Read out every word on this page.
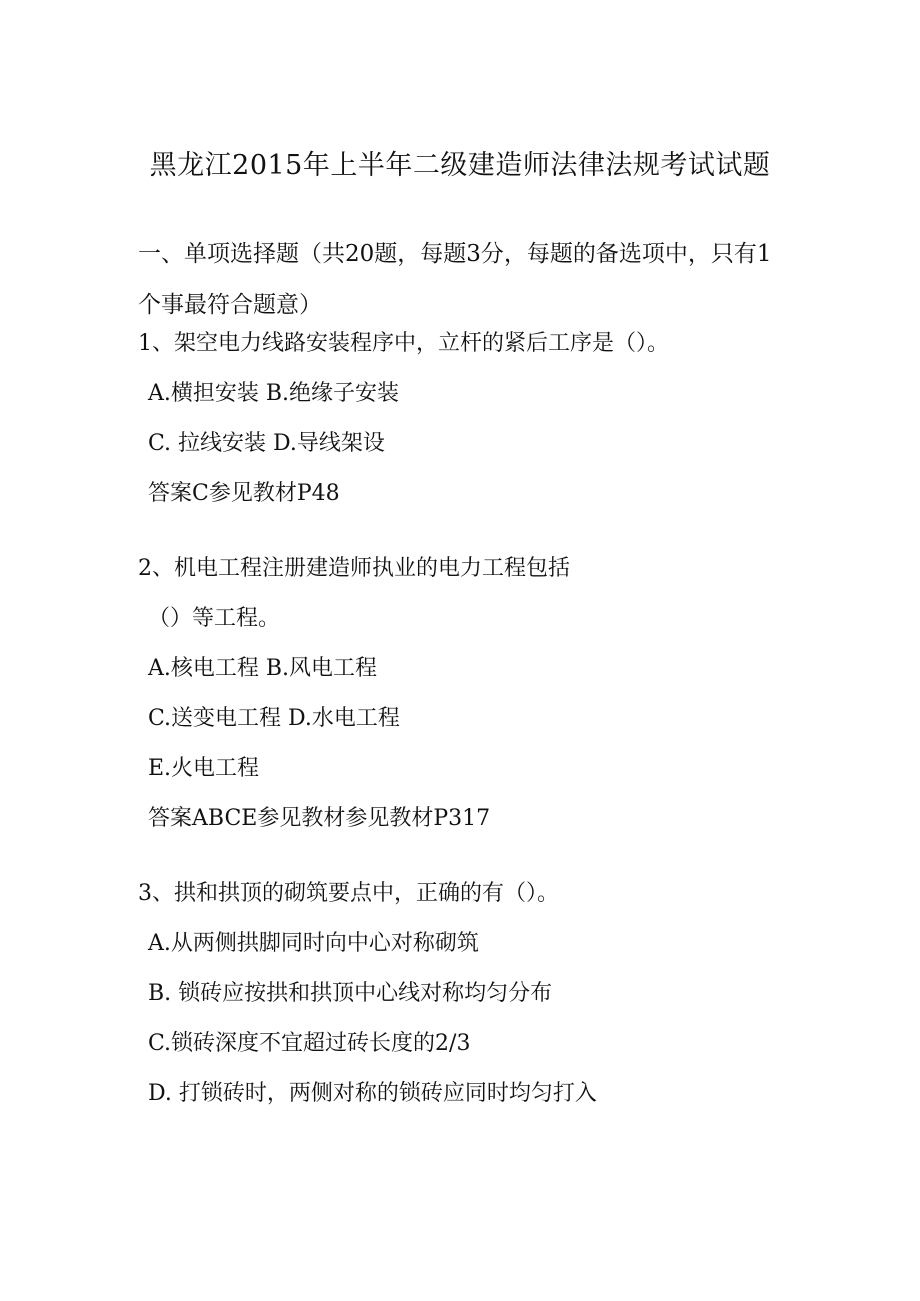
黑龙江2015年上半年二级建造师法律法规考试试题
一、单项选择题（共20题，每题3分，每题的备选项中，只有1个事最符合题意）
1、架空电力线路安装程序中，立杆的紧后工序是（）。
A.横担安装 B.绝缘子安装
C. 拉线安装 D.导线架设
答案C参见教材P48
2、机电工程注册建造师执业的电力工程包括
（）等工程。
A.核电工程 B.风电工程
C.送变电工程 D.水电工程
E.火电工程
答案ABCE参见教材参见教材P317
3、拱和拱顶的砌筑要点中，正确的有（）。
A.从两侧拱脚同时向中心对称砌筑
B. 锁砖应按拱和拱顶中心线对称均匀分布
C.锁砖深度不宜超过砖长度的2/3
D. 打锁砖时，两侧对称的锁砖应同时均匀打入
